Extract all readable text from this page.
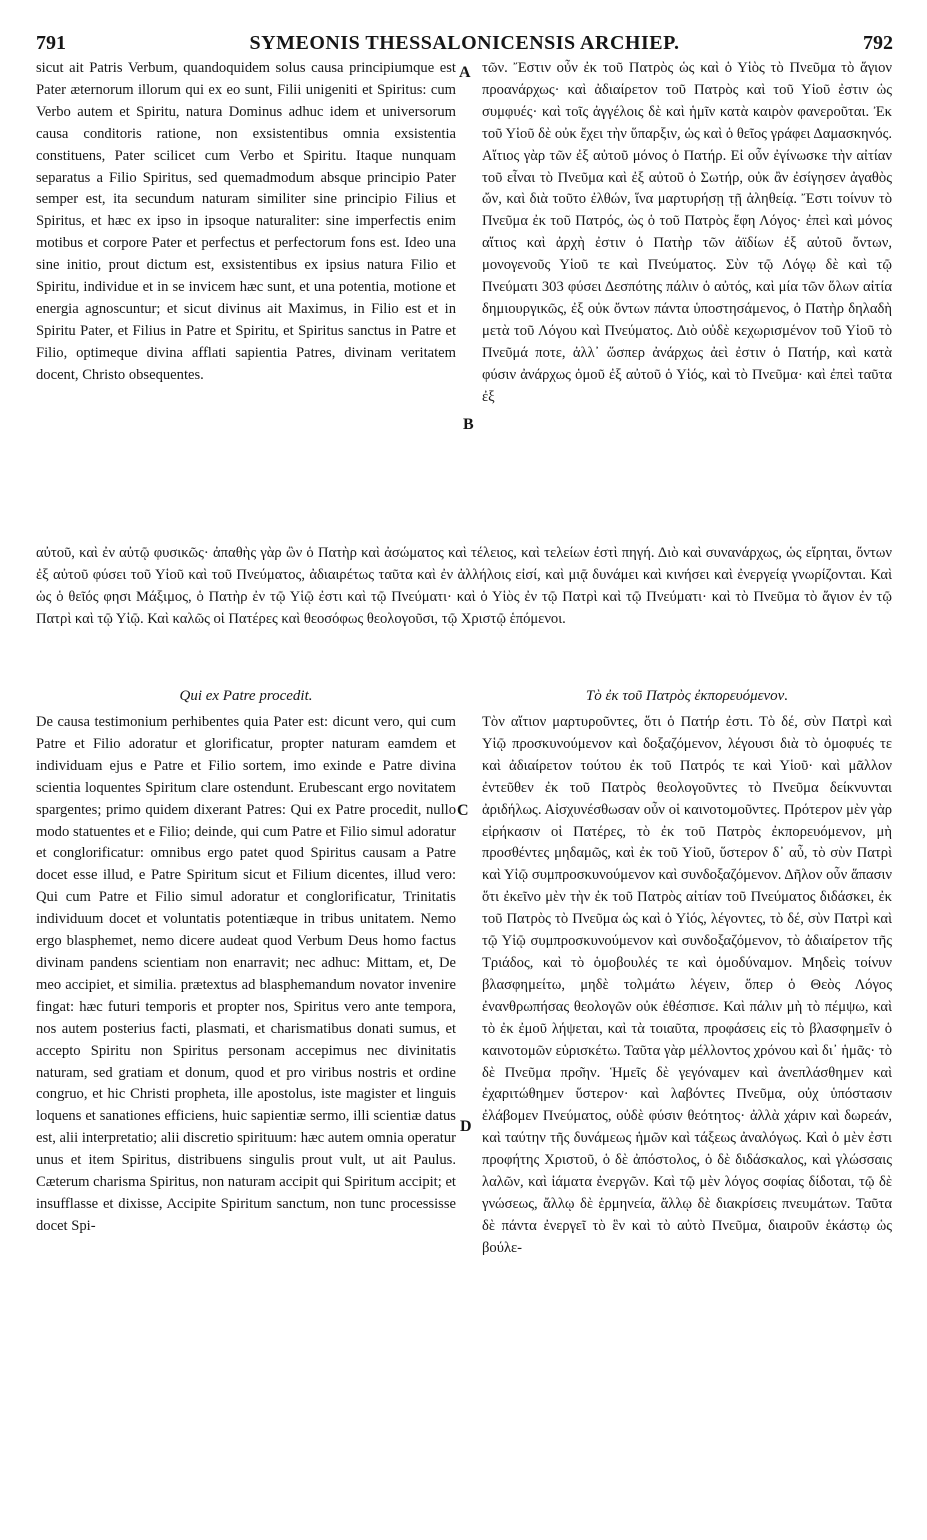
791	SYMEONIS THESSALONICENSIS ARCHIEP.	792

sicut ait Patris Verbum, quandoquidem solus causa principiumque est Pater æternorum illorum qui ex eo sunt, Filii unigeniti et Spiritus: cum Verbo autem et Spiritu, natura Dominus adhuc idem et universorum causa conditoris ratione, non exsistentibus omnia exsistentia constituens, Pater scilicet cum Verbo et Spiritu. Itaque nunquam separatus a Filio Spiritus, sed quemadmodum absque principio Pater semper est, ita secundum naturam similiter sine principio Filius et Spiritus, et hæc ex ipso in ipsoque naturaliter: sine imperfectis enim motibus et corpore Pater et perfectus et perfectorum fons est. Ideo una sine initio, prout dictum est, exsistentibus ex ipsius natura Filio et Spiritu, individue et in se invicem hæc sunt, et una potentia, motione et energia agnoscuntur; et sicut divinus ait Maximus, in Filio est et in Spiritu Pater, et Filius in Patre et Spiritu, et Spiritus sanctus in Patre et Filio, optimeque divina afflati sapientia Patres, divinam veritatem docent, Christo obsequentes.

A
B
C
D

τῶν. Ἔστιν οὖν ἐκ τοῦ Πατρὸς ὡς καὶ ὁ Υἱὸς τὸ Πνεῦμα τὸ ἅγιον προανάρχως· καὶ ἀδιαίρετον τοῦ Πατρὸς καὶ τοῦ Υἱοῦ ἐστιν ὡς συμφυές· καὶ τοῖς ἀγγέλοις δὲ καὶ ἡμῖν κατὰ καιρὸν φανεροῦται. Ἐκ τοῦ Υἱοῦ δὲ οὐκ ἔχει τὴν ὕπαρξιν, ὡς καὶ ὁ θεῖος γράφει Δαμασκηνός. Αἴτιος γὰρ τῶν ἐξ αὐτοῦ μόνος ὁ Πατήρ. Εἰ οὖν ἐγίνωσκε τὴν αἰτίαν τοῦ εἶναι τὸ Πνεῦμα καὶ ἐξ αὐτοῦ ὁ Σωτήρ, οὐκ ἂν ἐσίγησεν ἀγαθὸς ὤν, καὶ διὰ τοῦτο ἐλθών, ἵνα μαρτυρήσῃ τῇ ἀληθείᾳ. Ἔστι τοίνυν τὸ Πνεῦμα ἐκ τοῦ Πατρός, ὡς ὁ τοῦ Πατρὸς ἔφη Λόγος· ἐπεὶ καὶ μόνος αἴτιος καὶ ἀρχὴ ἐστιν ὁ Πατὴρ τῶν ἀϊδίων ἐξ αὐτοῦ ὄντων, μονογενοῦς Υἱοῦ τε καὶ Πνεύματος. Σὺν τῷ Λόγῳ δὲ καὶ τῷ Πνεύματι 303 φύσει Δεσπότης πάλιν ὁ αὐτός, καὶ μία τῶν ὅλων αἰτία δημιουργικῶς, ἐξ οὐκ ὄντων πάντα ὑποστησάμενος, ὁ Πατὴρ δηλαδὴ μετὰ τοῦ Λόγου καὶ Πνεύματος. Διὸ οὐδὲ κεχωρισμένον τοῦ Υἱοῦ τὸ Πνεῦμά ποτε, ἀλλ᾽ ὥσπερ ἀνάρχως ἀεὶ ἐστιν ὁ Πατήρ, καὶ κατὰ φύσιν ἀνάρχως ὁμοῦ ἐξ αὐτοῦ ὁ Υἱός, καὶ τὸ Πνεῦμα· καὶ ἐπεὶ ταῦτα ἐξ

αὐτοῦ, καὶ ἐν αὐτῷ φυσικῶς· ἀπαθὴς γὰρ ὢν ὁ Πατὴρ καὶ ἀσώματος καὶ τέλειος, καὶ τελείων ἐστὶ πηγή. Διὸ καὶ συνανάρχως, ὡς εἴρηται, ὄντων ἐξ αὐτοῦ φύσει τοῦ Υἱοῦ καὶ τοῦ Πνεύματος, ἀδιαιρέτως ταῦτα καὶ ἐν ἀλλήλοις εἰσί, καὶ μιᾷ δυνάμει καὶ κινήσει καὶ ἐνεργείᾳ γνωρίζονται. Καὶ ὡς ὁ θεῖός φησι Μάξιμος, ὁ Πατὴρ ἐν τῷ Υἱῷ ἐστι καὶ τῷ Πνεύματι· καὶ ὁ Υἱὸς ἐν τῷ Πατρὶ καὶ τῷ Πνεύματι· καὶ τὸ Πνεῦμα τὸ ἅγιον ἐν τῷ Πατρὶ καὶ τῷ Υἱῷ. Καὶ καλῶς οἱ Πατέρες καὶ θεοσόφως θεολογοῦσι, τῷ Χριστῷ ἑπόμενοι.

Qui ex Patre procedit.	Τὸ ἐκ τοῦ Πατρὸς ἐκπορευόμενον.

De causa testimonium perhibentes quia Pater est: dicunt vero, qui cum Patre et Filio adoratur et glorificatur, propter naturam eamdem et individuam ejus e Patre et Filio sortem, imo exinde e Patre divina scientia loquentes Spiritum clare ostendunt. Erubescant ergo novitatem spargentes; primo quidem dixerant Patres: Qui ex Patre procedit, nullo modo statuentes et e Filio; deinde, qui cum Patre et Filio simul adoratur et conglorificatur: omnibus ergo patet quod Spiritus causam a Patre docet esse illud, e Patre Spiritum sicut et Filium dicentes, illud vero: Qui cum Patre et Filio simul adoratur et conglorificatur, Trinitatis individuum docet et voluntatis potentiæque in tribus unitatem. Nemo ergo blasphemet, nemo dicere audeat quod Verbum Deus homo factus divinam pandens scientiam non enarravit; nec adhuc: Mittam, et, De meo accipiet, et similia. prætextus ad blasphemandum novator invenire fingat: hæc futuri temporis et propter nos, Spiritus vero ante tempora, nos autem posterius facti, plasmati, et charismatibus donati sumus, et accepto Spiritu non Spiritus personam accepimus nec divinitatis naturam, sed gratiam et donum, quod et pro viribus nostris et ordine congruo, et hic Christi propheta, ille apostolus, iste magister et linguis loquens et sanationes efficiens, huic sapientiæ sermo, illi scientiæ datus est, alii interpretatio; alii discretio spirituum: hæc autem omnia operatur unus et item Spiritus, distribuens singulis prout vult, ut ait Paulus. Cæterum charisma Spiritus, non naturam accipit qui Spiritum accipit; et insufflasse et dixisse, Accipite Spiritum sanctum, non tunc processisse docet Spi-

Τὸν αἴτιον μαρτυροῦντες, ὅτι ὁ Πατήρ ἐστι. Τὸ δέ, σὺν Πατρὶ καὶ Υἱῷ προσκυνούμενον καὶ δοξαζόμενον, λέγουσι διὰ τὸ ὁμοφυές τε καὶ ἀδιαίρετον τούτου ἐκ τοῦ Πατρός τε καὶ Υἱοῦ· καὶ μᾶλλον ἐντεῦθεν ἐκ τοῦ Πατρὸς θεολογοῦντες τὸ Πνεῦμα δείκνυνται ἀριδήλως. Αἰσχυνέσθωσαν οὖν οἱ καινοτομοῦντες. Πρότερον μὲν γὰρ εἰρήκασιν οἱ Πατέρες, τὸ ἐκ τοῦ Πατρὸς ἐκπορευόμενον, μὴ προσθέντες μηδαμῶς, καὶ ἐκ τοῦ Υἱοῦ, ὕστερον δ᾽ αὖ, τὸ σὺν Πατρὶ καὶ Υἱῷ συμπροσκυνούμενον καὶ συνδοξαζόμενον. Δῆλον οὖν ἅπασιν ὅτι ἐκεῖνο μὲν τὴν ἐκ τοῦ Πατρὸς αἰτίαν τοῦ Πνεύματος διδάσκει, ἐκ τοῦ Πατρὸς τὸ Πνεῦμα ὡς καὶ ὁ Υἱός, λέγοντες, τὸ δέ, σὺν Πατρὶ καὶ τῷ Υἱῷ συμπροσκυνούμενον καὶ συνδοξαζόμενον, τὸ ἀδιαίρετον τῆς Τριάδος, καὶ τὸ ὁμοβουλές τε καὶ ὁμοδύναμον. Μηδεὶς τοίνυν βλασφημείτω, μηδὲ τολμάτω λέγειν, ὅπερ ὁ Θεὸς Λόγος ἐνανθρωπήσας θεολογῶν οὐκ ἐθέσπισε. Καὶ πάλιν μὴ τὸ πέμψω, καὶ τὸ ἐκ ἐμοῦ λήψεται, καὶ τὰ τοιαῦτα, προφάσεις εἰς τὸ βλασφημεῖν ὁ καινοτομῶν εὑρισκέτω. Ταῦτα γὰρ μέλλοντος χρόνου καὶ δι᾽ ἡμᾶς· τὸ δὲ Πνεῦμα προ͂ην. Ἡμεῖς δὲ γεγόναμεν καὶ ἀνεπλάσθημεν καὶ ἐχαριτώθημεν ὕστερον· καὶ λαβόντες Πνεῦμα, οὐχ ὑπόστασιν ἐλάβομεν Πνεύματος, οὐδὲ φύσιν θεότητος· ἀλλὰ χάριν καὶ δωρεάν, καὶ ταύτην τῆς δυνάμεως ἡμῶν καὶ τάξεως ἀναλόγως. Καὶ ὁ μὲν ἐστι προφήτης Χριστοῦ, ὁ δὲ ἀπόστολος, ὁ δὲ διδάσκαλος, καὶ γλώσσαις λαλῶν, καὶ ἰάματα ἐνεργῶν. Καὶ τῷ μὲν λόγος σοφίας δίδοται, τῷ δὲ γνώσεως, ἄλλῳ δὲ ἑρμηνεία, ἄλλῳ δὲ διακρίσεις πνευμάτων. Ταῦτα δὲ πάντα ἐνεργεῖ τὸ ἓν καὶ τὸ αὐτὸ Πνεῦμα, διαιροῦν ἑκάστῳ ὡς βούλε-
